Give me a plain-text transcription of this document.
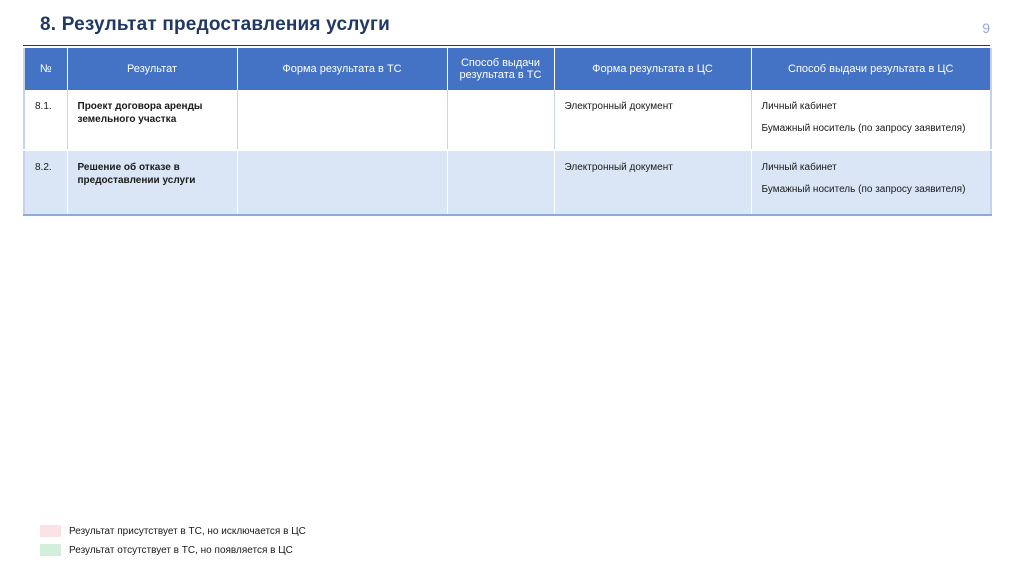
8. Результат предоставления услуги	9
№	Результат	Форма результата в ТС	Способ выдачи результата в ТС	Форма результата в ЦС	Способ выдачи результата в ЦС
8.1.	Проект договора аренды земельного участка			Электронный документ	Личный кабинет
Бумажный носитель (по запросу заявителя)

8.2.	Решение об отказе в предоставлении услуги			Электронный документ	Личный кабинет
Бумажный носитель (по запросу заявителя)
Результат присутствует в ТС, но исключается в ЦС
Результат отсутствует в ТС, но появляется в ЦС
